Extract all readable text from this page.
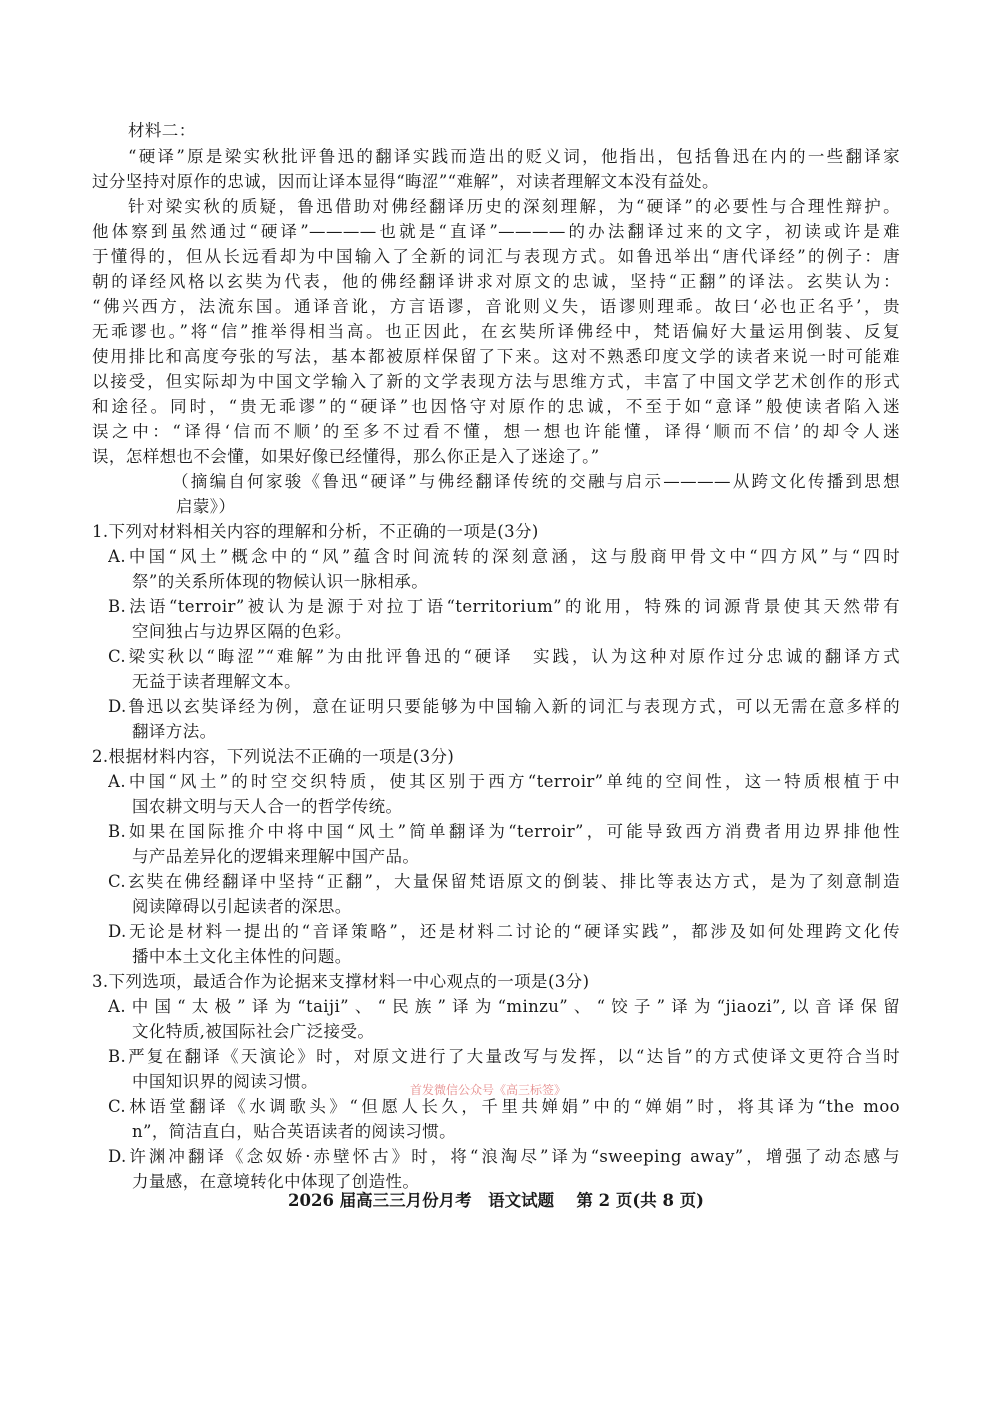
材料二：
“硬译”原是梁实秋批评鲁迅的翻译实践而造出的贬义词，他指出，包括鲁迅在内的一些翻译家
过分坚持对原作的忠诚，因而让译本显得“晦涩”“难解”，对读者理解文本没有益处。
针对梁实秋的质疑，鲁迅借助对佛经翻译历史的深刻理解，为“硬译”的必要性与合理性辩护。
他体察到虽然通过“硬译”————也就是“直译”————的办法翻译过来的文字，初读或许是难
于懂得的，但从长远看却为中国输入了全新的词汇与表现方式。如鲁迅举出“唐代译经”的例子：唐
朝的译经风格以玄奘为代表，他的佛经翻译讲求对原文的忠诚，坚持“正翻”的译法。玄奘认为：
“佛兴西方，法流东国。通译音讹，方言语谬，音讹则义失，语谬则理乖。故曰‘必也正名乎’，贵
无乖谬也。”将“信”推举得相当高。也正因此，在玄奘所译佛经中，梵语偏好大量运用倒装、反复
使用排比和高度夸张的写法，基本都被原样保留了下来。这对不熟悉印度文学的读者来说一时可能难
以接受，但实际却为中国文学输入了新的文学表现方法与思维方式，丰富了中国文学艺术创作的形式
和途径。同时，“贵无乖谬”的“硬译”也因恪守对原作的忠诚，不至于如“意译”般使读者陷入迷
误之中：“译得‘信而不顺’的至多不过看不懂，想一想也许能懂，译得‘顺而不信’的却令人迷
误，怎样想也不会懂，如果好像已经懂得，那么你正是入了迷途了。”
（摘编自何家骏《鲁迅“硬译”与佛经翻译传统的交融与启示————从跨文化传播到思想
启蒙》）
1.下列对材料相关内容的理解和分析，不正确的一项是(3分)
A.中国“风土”概念中的“风”蕴含时间流转的深刻意涵，这与殷商甲骨文中“四方风”与“四时
祭”的关系所体现的物候认识一脉相承。
B.法语“terroir”被认为是源于对拉丁语“territorium”的讹用，特殊的词源背景使其天然带有
空间独占与边界区隔的色彩。
C.梁实秋以“晦涩”“难解”为由批评鲁迅的“硬译　实践，认为这种对原作过分忠诚的翻译方式
无益于读者理解文本。
D.鲁迅以玄奘译经为例，意在证明只要能够为中国输入新的词汇与表现方式，可以无需在意多样的
翻译方法。
2.根据材料内容，下列说法不正确的一项是(3分)
A.中国“风土”的时空交织特质，使其区别于西方“terroir”单纯的空间性，这一特质根植于中
国农耕文明与天人合一的哲学传统。
B.如果在国际推介中将中国“风土”简单翻译为“terroir”，可能导致西方消费者用边界排他性
与产品差异化的逻辑来理解中国产品。
C.玄奘在佛经翻译中坚持“正翻”，大量保留梵语原文的倒装、排比等表达方式，是为了刻意制造
阅读障碍以引起读者的深思。
D.无论是材料一提出的“音译策略”，还是材料二讨论的“硬译实践”，都涉及如何处理跨文化传
播中本土文化主体性的问题。
3.下列选项，最适合作为论据来支撑材料一中心观点的一项是(3分)
A.中国“太极”译为“taiji”、“民族”译为“minzu”、“饺子”译为“jiaozi”,以音译保留
文化特质,被国际社会广泛接受。
B.严复在翻译《天演论》时，对原文进行了大量改写与发挥，以“达旨”的方式使译文更符合当时
中国知识界的阅读习惯。
C.林语堂翻译《水调歌头》“但愿人长久，千里共婵娟”中的“婵娟”时，将其译为“the moo
n”，简洁直白，贴合英语读者的阅读习惯。
D.许渊冲翻译《念奴娇·赤壁怀古》时，将“浪淘尽”译为“sweeping away”，增强了动态感与
力量感，在意境转化中体现了创造性。
首发微信公众号《高三标签》
2026 届高三三月份月考　语文试题　 第 2 页(共 8 页)
